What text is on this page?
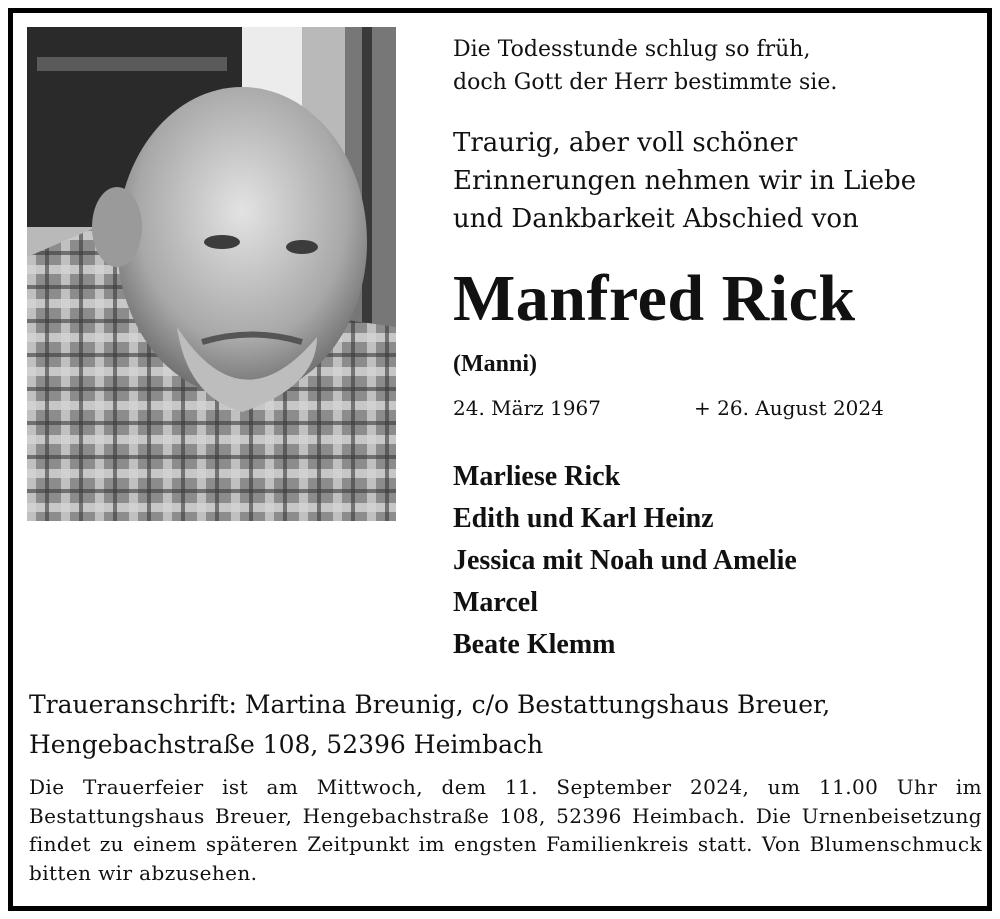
Die Todesstunde schlug so früh,
doch Gott der Herr bestimmte sie.
Traurig, aber voll schöner
Erinnerungen nehmen wir in Liebe
und Dankbarkeit Abschied von
Manfred Rick
(Manni)
24. März 1967	+ 26. August 2024
Marliese Rick
Edith und Karl Heinz
Jessica mit Noah und Amelie
Marcel
Beate Klemm
Traueranschrift: Martina Breunig, c/o Bestattungshaus Breuer,
Hengebachstraße 108, 52396 Heimbach
Die Trauerfeier ist am Mittwoch, dem 11. September 2024, um 11.00 Uhr im Bestattungshaus Breuer, Hengebachstraße 108, 52396 Heimbach. Die Urnenbeisetzung findet zu einem späteren Zeitpunkt im engsten Familienkreis statt. Von Blumenschmuck bitten wir abzusehen.
